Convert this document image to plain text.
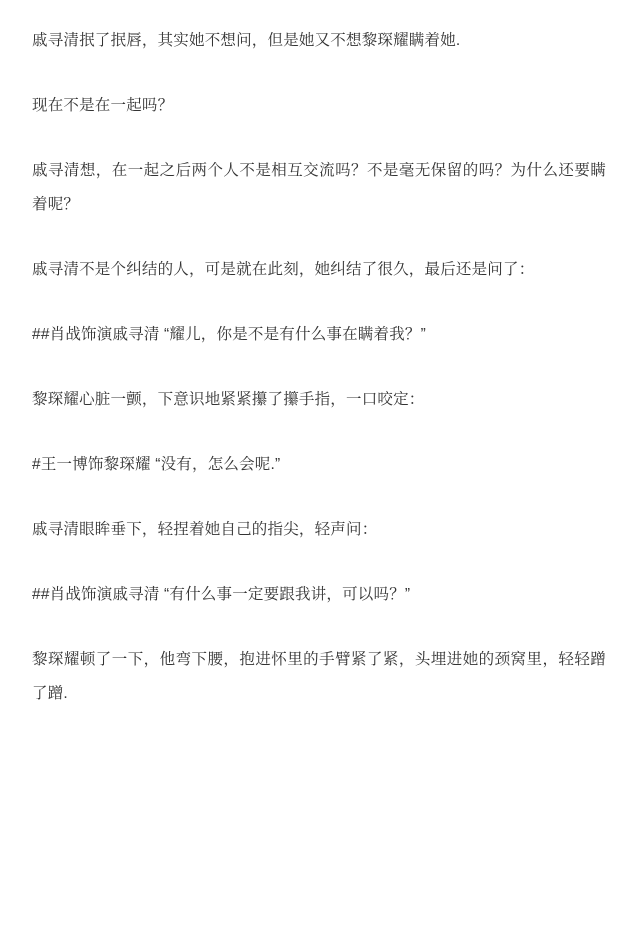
戚寻清抿了抿唇，其实她不想问，但是她又不想黎琛耀瞒着她.

现在不是在一起吗？

戚寻清想，在一起之后两个人不是相互交流吗？不是毫无保留的吗？为什么还要瞒着呢？

戚寻清不是个纠结的人，可是就在此刻，她纠结了很久，最后还是问了：

##肖战饰演戚寻清 “耀儿，你是不是有什么事在瞒着我？”

黎琛耀心脏一颤，下意识地紧紧攥了攥手指，一口咬定：

#王一博饰黎琛耀 “没有，怎么会呢.”

戚寻清眼眸垂下，轻捏着她自己的指尖，轻声问：

##肖战饰演戚寻清 “有什么事一定要跟我讲，可以吗？”

黎琛耀顿了一下，他弯下腰，抱进怀里的手臂紧了紧，头埋进她的颈窝里，轻轻蹭了蹭.
